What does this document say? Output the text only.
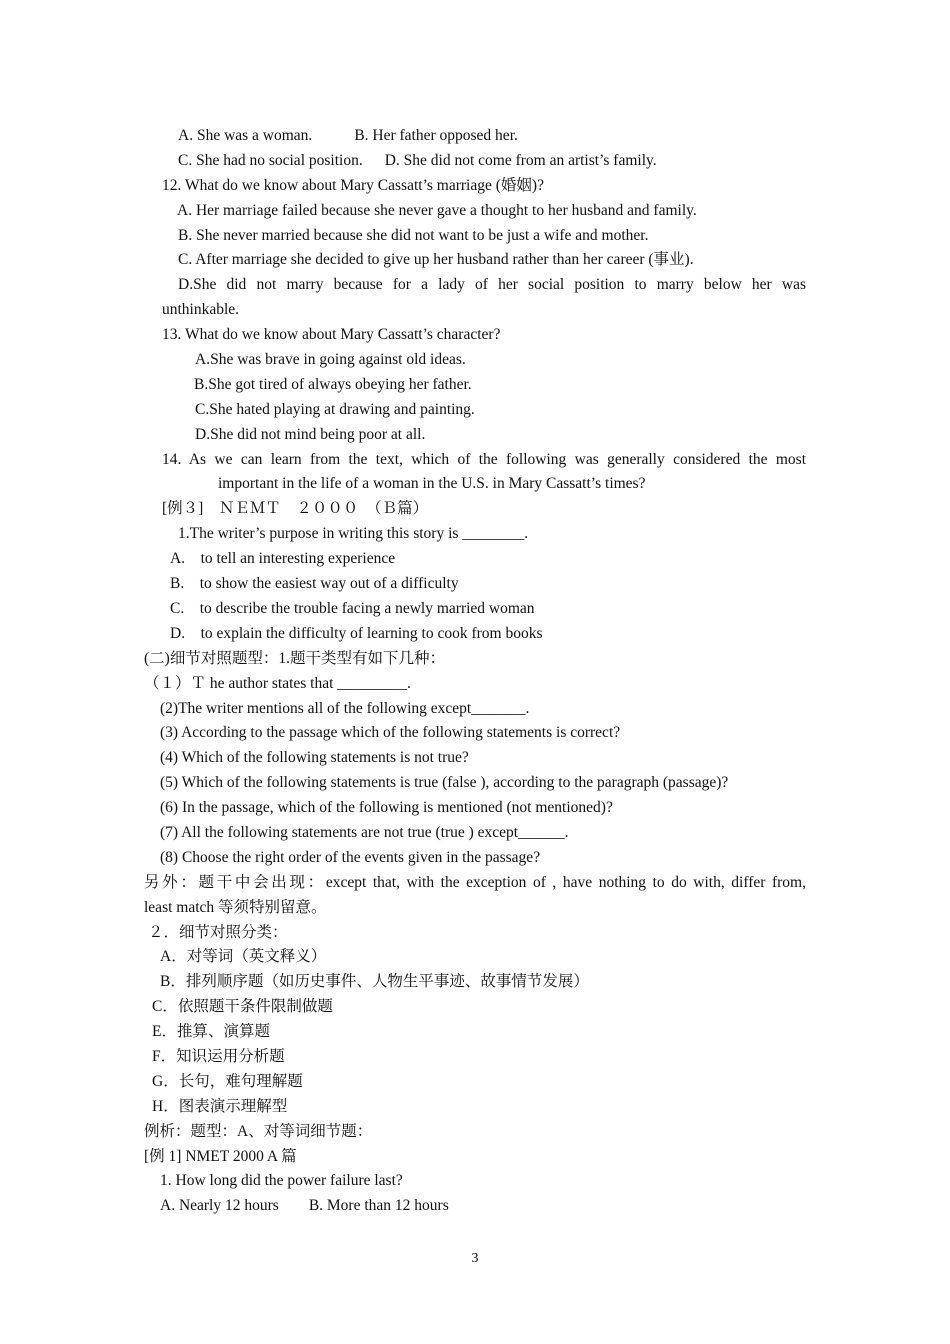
A. She was a woman.	B. Her father opposed her.
C. She had no social position. D. She did not come from an artist’s family.
12. What do we know about Mary Cassatt’s marriage (婚姻)?
A. Her marriage failed because she never gave a thought to her husband and family.
B. She never married because she did not want to be just a wife and mother.
C. After marriage she decided to give up her husband rather than her career (事业).
D.She did not marry because for a lady of her social position to marry below her was
unthinkable.
13. What do we know about Mary Cassatt’s character?
A.She was brave in going against old ideas.
B.She got tired of always obeying her father.
C.She hated playing at drawing and painting.
D.She did not mind being poor at all.
14. As we can learn from the text, which of the following was generally considered the most
important in the life of a woman in the U.S. in Mary Cassatt’s times?
[例３]　ＮＥＭＴ　２０００　（Ｂ篇）
1.The writer’s purpose in writing this story is ________.
A.　to tell an interesting experience
B.　to show the easiest way out of a difficulty
C.　to describe the trouble facing a newly married woman
D.　to explain the difficulty of learning to cook from books
(二)细节对照题型：1.题干类型有如下几种：
（１）Ｔ he author states that _________.
(2)The writer mentions all of the following except_______.
(3) According to the passage which of the following statements is correct?
(4) Which of the following statements is not true?
(5) Which of the following statements is true (false ), according to the paragraph (passage)?
(6) In the passage, which of the following is mentioned (not mentioned)?
(7) All the following statements are not true (true ) except______.
(8) Choose the right order of the events given in the passage?
另外：题干中会出现：except that, with the exception of , have nothing to do with, differ from,
least match 等须特别留意。
２．细节对照分类：
A．对等词（英文释义）
B．排列顺序题（如历史事件、人物生平事迹、故事情节发展）
C．依照题干条件限制做题
E．推算、演算题
F．知识运用分析题
G．长句，难句理解题
H．图表演示理解型
例析：题型：A、对等词细节题：
[例 1] NMET 2000 A 篇
1. How long did the power failure last?
A. Nearly 12 hours B. More than 12 hours
3
